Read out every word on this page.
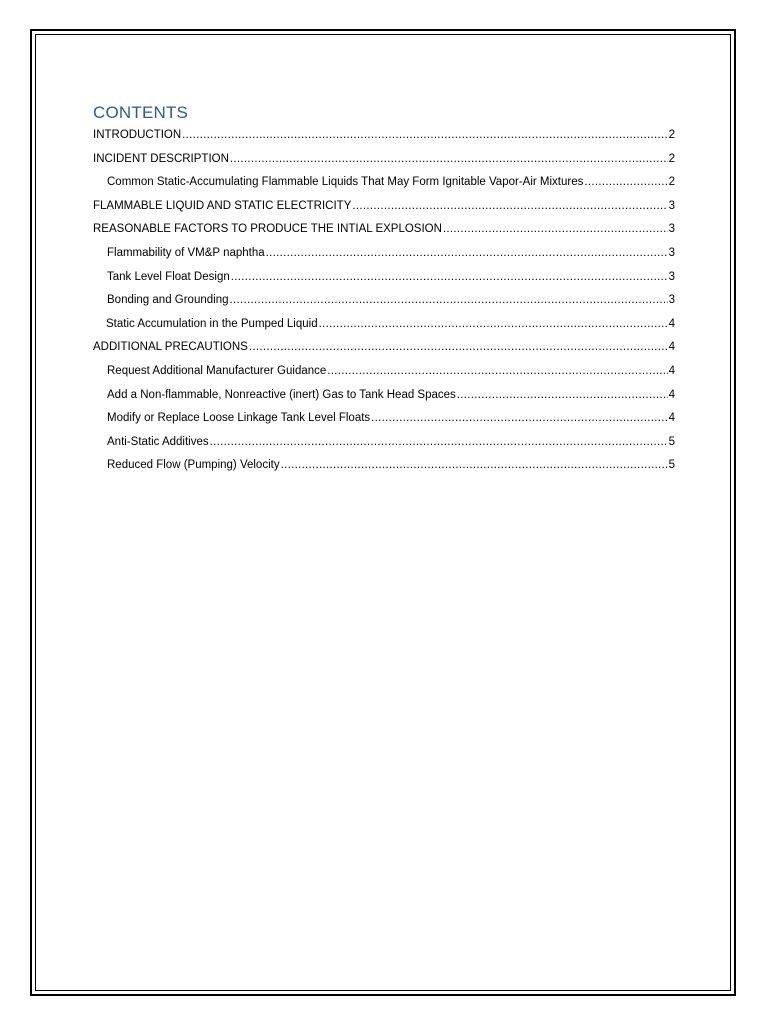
CONTENTS
INTRODUCTION .....	2
INCIDENT DESCRIPTION .....	2
Common Static-Accumulating Flammable Liquids That May Form Ignitable Vapor-Air Mixtures .....	2
FLAMMABLE LIQUID AND STATIC ELECTRICITY .....	3
REASONABLE FACTORS TO PRODUCE THE INTIAL EXPLOSION .....	3
Flammability of VM&P naphtha .....	3
Tank Level Float Design .....	3
Bonding and Grounding .....	3
Static Accumulation in the Pumped Liquid .....	4
ADDITIONAL PRECAUTIONS .....	4
Request Additional Manufacturer Guidance .....	4
Add a Non-flammable, Nonreactive (inert) Gas to Tank Head Spaces .....	4
Modify or Replace Loose Linkage Tank Level Floats .....	4
Anti-Static Additives .....	5
Reduced Flow (Pumping) Velocity .....	5
